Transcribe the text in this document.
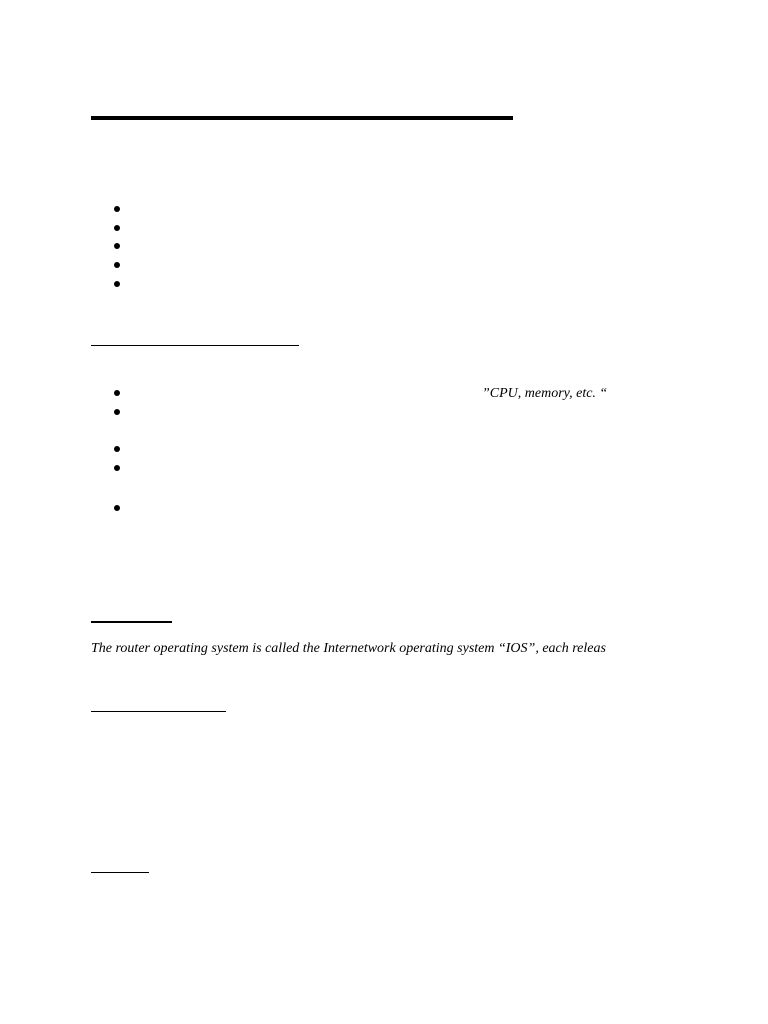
”CPU, memory, etc. “
The router operating system is called the Internetwork operating system “IOS”, each releas
